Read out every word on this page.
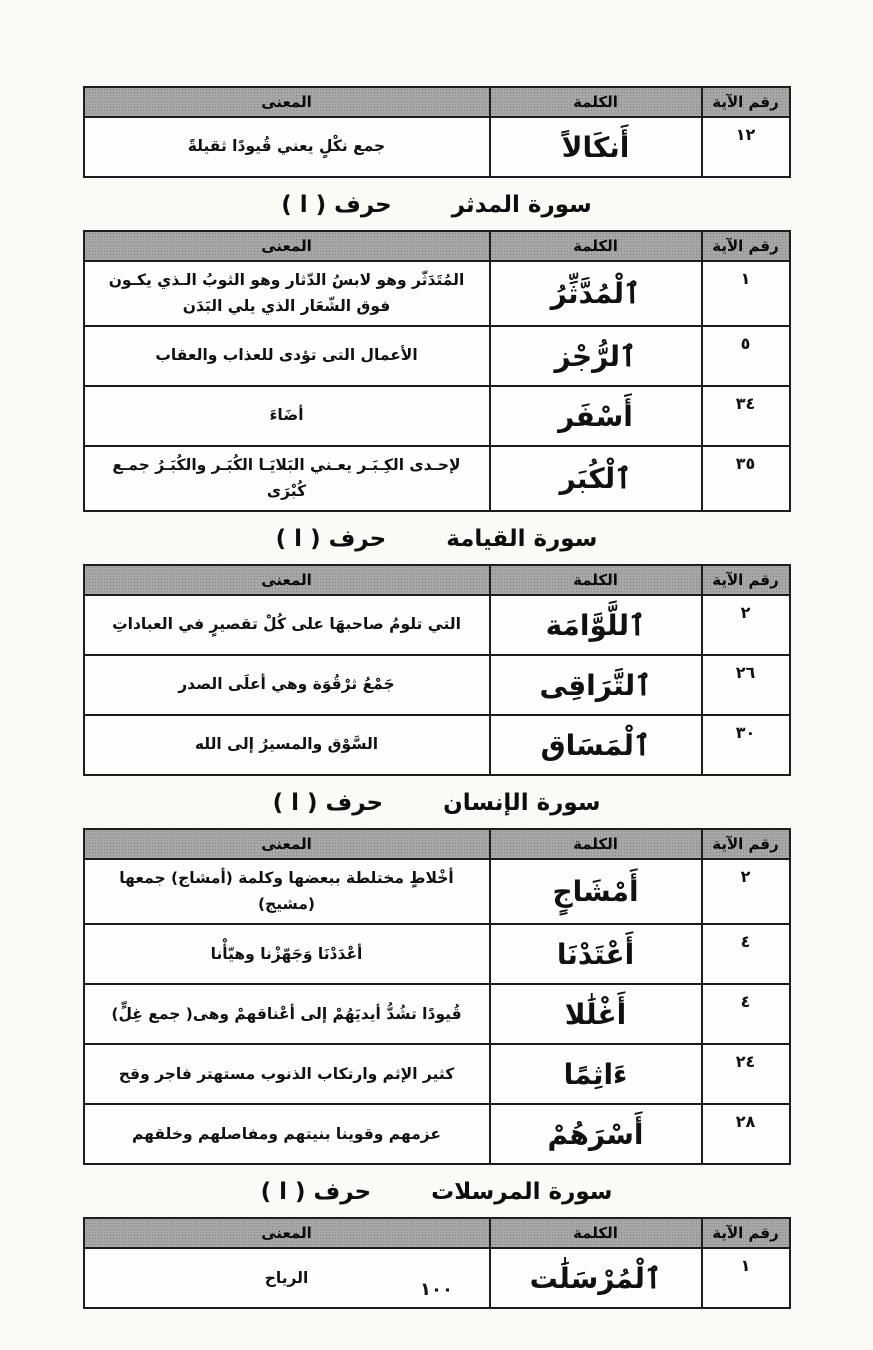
رقم الآية	الكلمة	المعنى
١٢	أَنكَالاً	جمع نكْلٍ يعني قُيودًا ثقيلةً
سورة المدثر
حرف ( ا )
رقم الآية	الكلمة	المعنى
١	ٱلْمُدَّثِّرُ	المُتَدَثّر وهو لابسُ الدّثار وهو الثوبُ الـذي يكـون فوق الشّعَار الذي يلي البَدَن
٥	ٱلرُّجْز	الأعمال التى تؤدى للعذاب والعقاب
٣٤	أَسْفَر	أضَاءَ
٣٥	ٱلْكُبَر	لإحـدى الكِـبَـر يعـني البَلايَـا الكُبَـر والكُبَـرُ جمـع كُبْرَى
سورة القيامة
حرف ( ا )
رقم الآية	الكلمة	المعنى
٢	ٱللَّوَّامَة	التي تلومُ صاحبهَا على كُلْ تقصيرٍ في العباداتِ
٢٦	ٱلتَّرَاقِى	جَمْعُ ثرْقُوَة وهي أعلَى الصدر
٣٠	ٱلْمَسَاق	السَّوْق والمسيرُ إلى الله
سورة الإنسان
حرف ( ا )
رقم الآية	الكلمة	المعنى
٢	أَمْشَاجٍ	أخْلاطٍ مختلطة ببعضها وكلمة (أمشاج) جمعها (مشيج)
٤	أَعْتَدْنَا	أعْدَدْنَا وَجَهّزْنا وهيّأْنا
٤	أَغْلَٰلا	قُيودًا تشُدُّ أيديَهُمْ إلى أعْناقهمْ وهى( جمع غِلٍّ)
٢٤	ءَاثِمًا	كثير الإثم وارتكاب الذنوب مستهتر فاجر وقح
٢٨	أَسْرَهُمْ	عزمهم وقوينا بنيتهم ومفاصلهم وخلقهم
سورة المرسلات
حرف ( ا )
رقم الآية	الكلمة	المعنى
١	ٱلْمُرْسَلَٰت	الرياح
١٠٠
